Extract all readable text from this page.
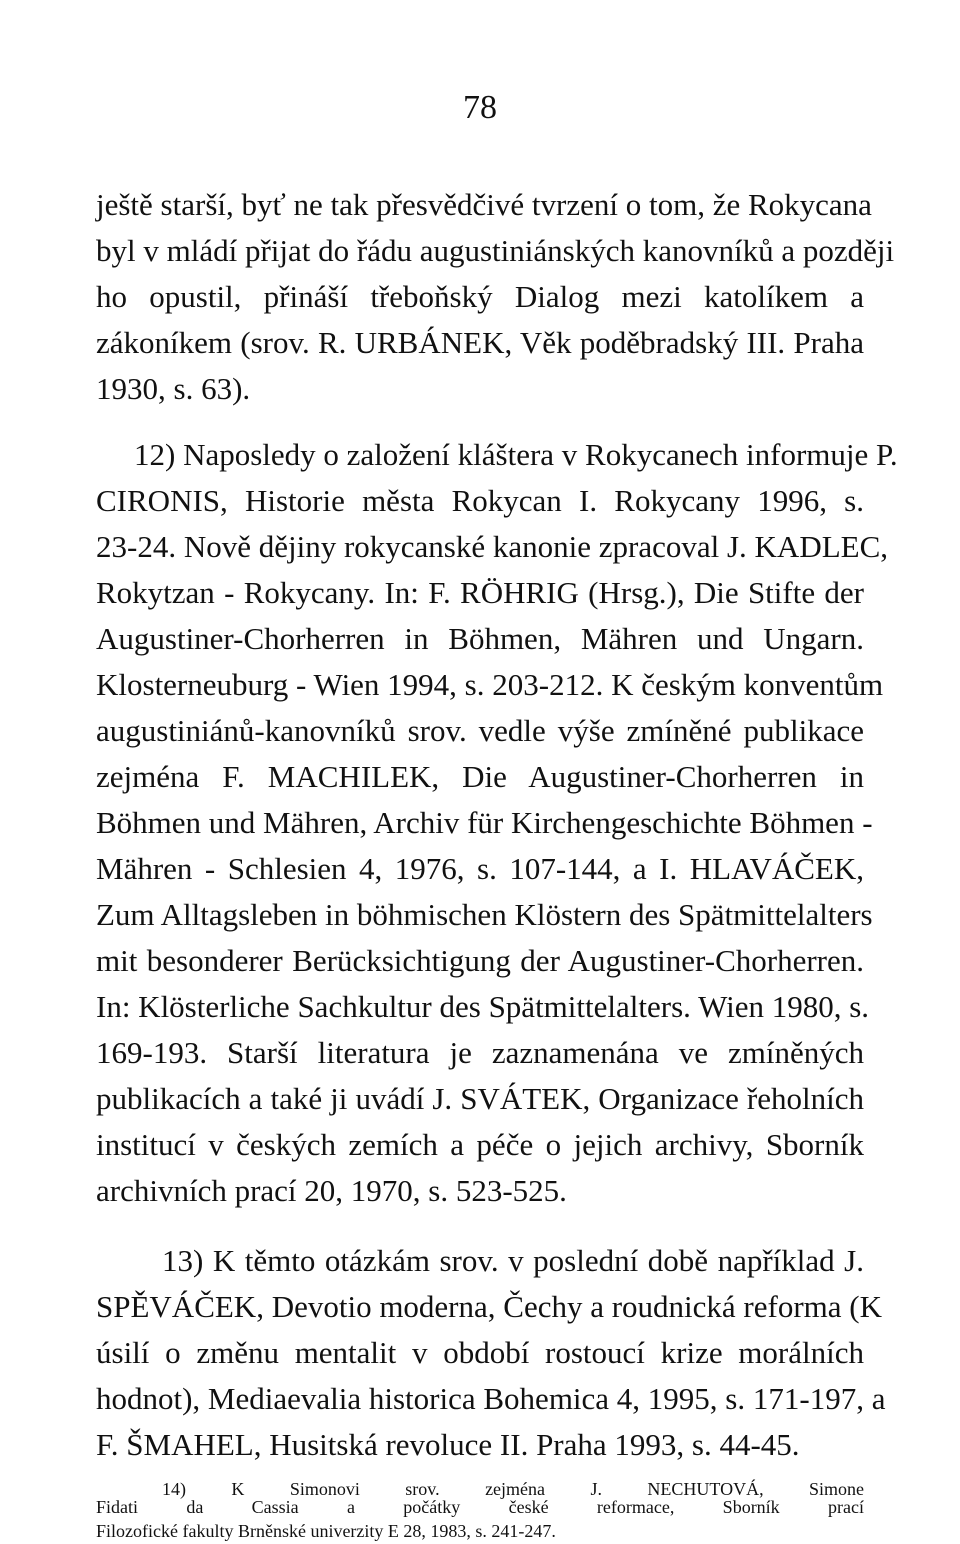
78
ještě starší, byť ne tak přesvědčivé tvrzení o tom, že Rokycana
byl v mládí přijat do řádu augustiniánských kanovníků a později
ho opustil, přináší třeboňský Dialog mezi katolíkem a
zákoníkem (srov. R. URBÁNEK, Věk poděbradský III. Praha
1930, s. 63).
12) Naposledy o založení kláštera v Rokycanech informuje P.
CIRONIS, Historie města Rokycan I. Rokycany 1996, s.
23-24. Nově dějiny rokycanské kanonie zpracoval J. KADLEC,
Rokytzan - Rokycany. In: F. RÖHRIG (Hrsg.), Die Stifte der
Augustiner-Chorherren in Böhmen, Mähren und Ungarn.
Klosterneuburg - Wien 1994, s. 203-212. K českým konventům
augustiniánů-kanovníků srov. vedle výše zmíněné publikace
zejména F. MACHILEK, Die Augustiner-Chorherren in
Böhmen und Mähren, Archiv für Kirchengeschichte Böhmen -
Mähren - Schlesien 4, 1976, s. 107-144, a I. HLAVÁČEK,
Zum Alltagsleben in böhmischen Klöstern des Spätmittelalters
mit besonderer Berücksichtigung der Augustiner-Chorherren.
In: Klösterliche Sachkultur des Spätmittelalters. Wien 1980, s.
169-193. Starší literatura je zaznamenána ve zmíněných
publikacích a také ji uvádí J. SVÁTEK, Organizace řeholních
institucí v českých zemích a péče o jejich archivy, Sborník
archivních prací 20, 1970, s. 523-525.
13) K těmto otázkám srov. v poslední době například J.
SPĚVÁČEK, Devotio moderna, Čechy a roudnická reforma (K
úsilí o změnu mentalit v období rostoucí krize morálních
hodnot), Mediaevalia historica Bohemica 4, 1995, s. 171-197, a
F. ŠMAHEL, Husitská revoluce II. Praha 1993, s. 44-45.
14) K Simonovi srov. zejména J. NECHUTOVÁ, Simone
Fidati da Cassia a počátky české reformace, Sborník prací
Filozofické fakulty Brněnské univerzity E 28, 1983, s. 241-247.
